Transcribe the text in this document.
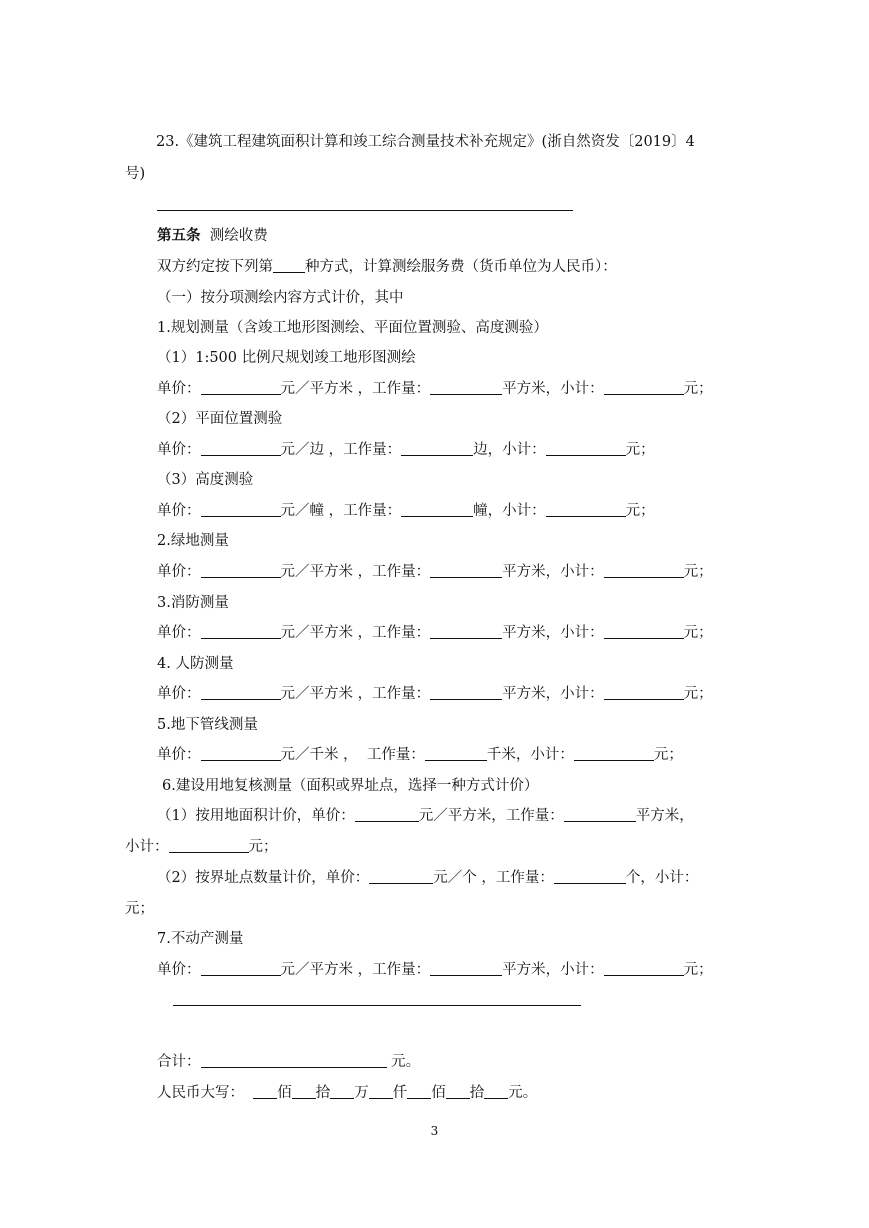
23.《建筑工程建筑面积计算和竣工综合测量技术补充规定》(浙自然资发〔2019〕4
号)
第五条 测绘收费
双方约定按下列第 种方式，计算测绘服务费（货币单位为人民币）：
（一）按分项测绘内容方式计价，其中
1.规划测量（含竣工地形图测绘、平面位置测验、高度测验）
（1）1:500 比例尺规划竣工地形图测绘
单价：	元／平方米 ，工作量：	平方米，小计：	元；
（2）平面位置测验
单价：	元／边 ，工作量：	边，小计：	元；
（3）高度测验
单价：	元／幢 ，工作量：	幢，小计：	元；
2.绿地测量
单价：	元／平方米 ，工作量：	平方米，小计：	元；
3.消防测量
单价：	元／平方米 ，工作量：	平方米，小计：	元；
4. 人防测量
单价：	元／平方米 ，工作量：	平方米，小计：	元；
5.地下管线测量
单价：	元／千米 ， 工作量：	千米，小计：	元；
6.建设用地复核测量（面积或界址点，选择一种方式计价）
（1）按用地面积计价，单价：	元／平方米，工作量：	平方米，
小计：	元；
（2）按界址点数量计价，单价：	元／个 ，工作量：	个，小计：
元；
7.不动产测量
单价：	元／平方米 ，工作量：	平方米，小计：	元；
合计：	元。
人民币大写： 佰 拾 万 仟 佰 拾 元。
3
